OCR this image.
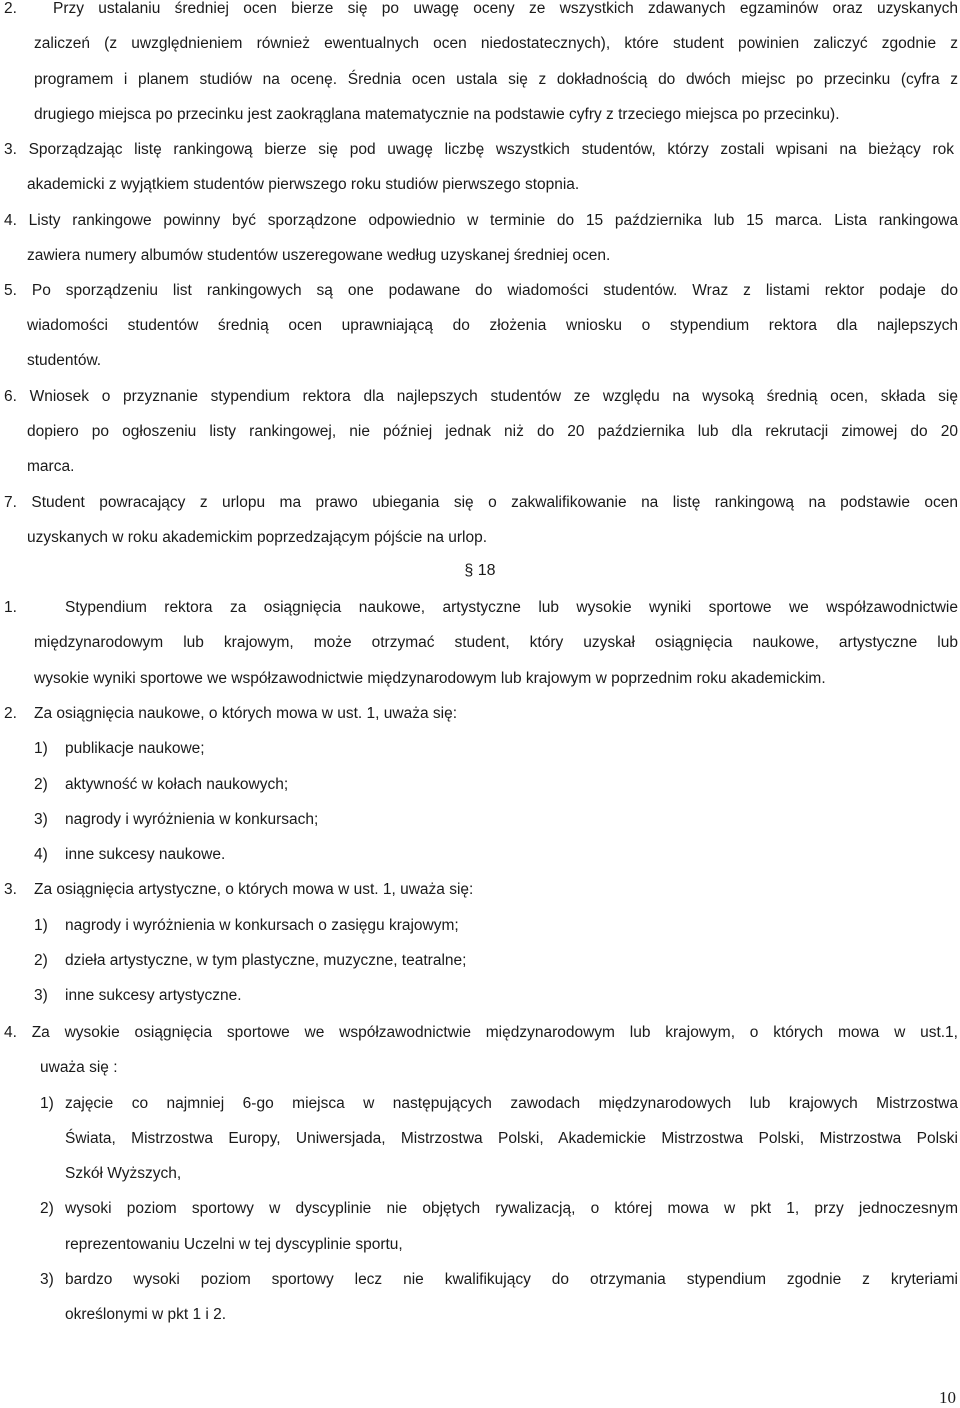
2. Przy ustalaniu średniej ocen bierze się po uwagę oceny ze wszystkich zdawanych egzaminów oraz uzyskanych
zaliczeń (z uwzględnieniem również ewentualnych ocen niedostatecznych), które student powinien zaliczyć zgodnie z
programem i planem studiów na ocenę. Średnia ocen ustala się z dokładnością do dwóch miejsc po przecinku (cyfra z
drugiego miejsca po przecinku jest zaokrąglana matematycznie na podstawie cyfry z trzeciego miejsca po przecinku).
3. Sporządzając listę rankingową bierze się pod uwagę liczbę wszystkich studentów, którzy zostali wpisani na bieżący rok
akademicki z wyjątkiem studentów pierwszego roku studiów pierwszego stopnia.
4. Listy rankingowe powinny być sporządzone odpowiednio w terminie do 15 października lub 15 marca. Lista rankingowa
zawiera numery albumów studentów uszeregowane według uzyskanej średniej ocen.
5. Po sporządzeniu list rankingowych są one podawane do wiadomości studentów. Wraz z listami rektor podaje do
wiadomości studentów średnią ocen uprawniającą do złożenia wniosku o stypendium rektora dla najlepszych
studentów.
6. Wniosek o przyznanie stypendium rektora dla najlepszych studentów ze względu na wysoką średnią ocen, składa się
dopiero po ogłoszeniu listy rankingowej, nie później jednak niż do 20 października lub dla rekrutacji zimowej do 20
marca.
7. Student powracający z urlopu ma prawo ubiegania się o zakwalifikowanie na listę rankingową na podstawie ocen
uzyskanych w roku akademickim poprzedzającym pójście na urlop.
§ 18
1.	Stypendium rektora za osiągnięcia naukowe, artystyczne lub wysokie wyniki sportowe we współzawodnictwie
międzynarodowym lub krajowym, może otrzymać student, który uzyskał osiągnięcia naukowe, artystyczne lub
wysokie wyniki sportowe we współzawodnictwie międzynarodowym lub krajowym w poprzednim roku akademickim.
2. Za osiągnięcia naukowe, o których mowa w ust. 1, uważa się:
1) publikacje naukowe;
2) aktywność w kołach naukowych;
3) nagrody i wyróżnienia w konkursach;
4) inne sukcesy naukowe.
3. Za osiągnięcia artystyczne, o których mowa w ust. 1, uważa się:
1) nagrody i wyróżnienia w konkursach o zasięgu krajowym;
2) dzieła artystyczne, w tym plastyczne, muzyczne, teatralne;
3) inne sukcesy artystyczne.
4. Za wysokie osiągnięcia sportowe we współzawodnictwie międzynarodowym lub krajowym, o których mowa w ust.1,
uważa się :
1) zajęcie co najmniej 6-go miejsca w następujących zawodach międzynarodowych lub krajowych Mistrzostwa
Świata, Mistrzostwa Europy, Uniwersjada, Mistrzostwa Polski, Akademickie Mistrzostwa Polski, Mistrzostwa Polski
Szkół Wyższych,
2) wysoki poziom sportowy w dyscyplinie nie objętych rywalizacją, o której mowa w pkt 1, przy jednoczesnym
reprezentowaniu Uczelni w tej dyscyplinie sportu,
3) bardzo wysoki poziom sportowy lecz nie kwalifikujący do otrzymania stypendium zgodnie z kryteriami
określonymi w pkt 1 i 2.
10
